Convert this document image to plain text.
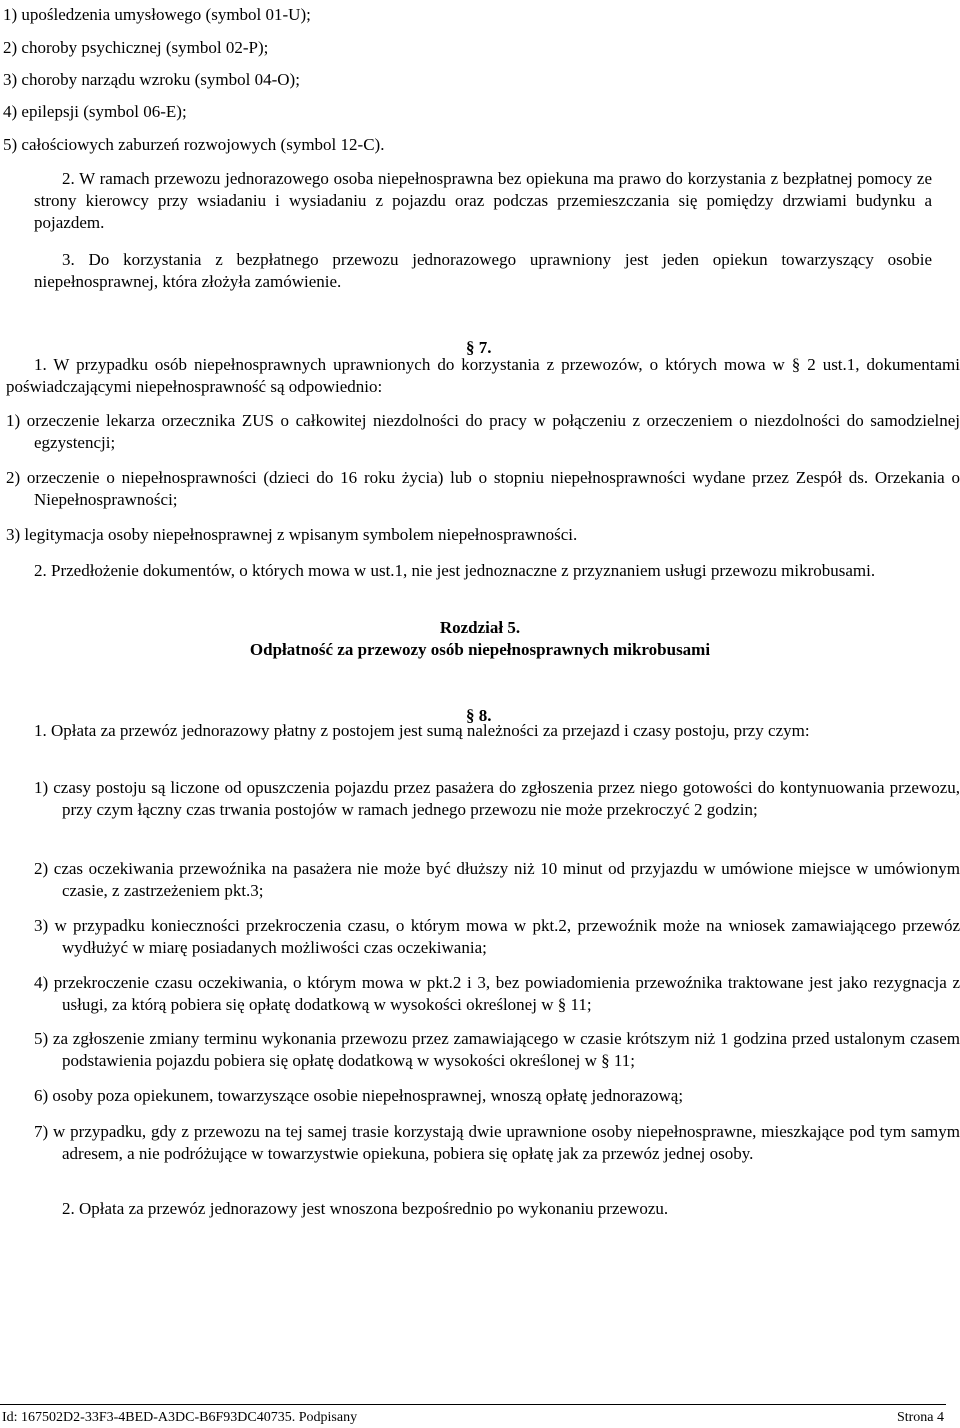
1) upośledzenia umysłowego (symbol 01-U);

2) choroby psychicznej (symbol 02-P);

3) choroby narządu wzroku (symbol 04-O);

4) epilepsji (symbol 06-E);

5) całościowych zaburzeń rozwojowych (symbol 12-C).

2. W ramach przewozu jednorazowego osoba niepełnosprawna bez opiekuna ma prawo do korzystania z bezpłatnej pomocy ze strony kierowcy przy wsiadaniu i wysiadaniu z pojazdu oraz podczas przemieszczania się pomiędzy drzwiami budynku a pojazdem.

3. Do korzystania z bezpłatnego przewozu jednorazowego uprawniony jest jeden opiekun towarzyszący osobie niepełnosprawnej, która złożyła zamówienie.

§ 7.

1. W przypadku osób niepełnosprawnych uprawnionych do korzystania z przewozów, o których mowa w § 2 ust.1, dokumentami poświadczającymi niepełnosprawność są odpowiednio:

1) orzeczenie lekarza orzecznika ZUS o całkowitej niezdolności do pracy w połączeniu z orzeczeniem o niezdolności do samodzielnej egzystencji;

2) orzeczenie o niepełnosprawności (dzieci do 16 roku życia) lub o stopniu niepełnosprawności wydane przez Zespół ds. Orzekania o Niepełnosprawności;

3) legitymacja osoby niepełnosprawnej z wpisanym symbolem niepełnosprawności.

2. Przedłożenie dokumentów, o których mowa w ust.1, nie jest jednoznaczne z przyznaniem usługi przewozu mikrobusami.

Rozdział 5.

Odpłatność za przewozy osób niepełnosprawnych mikrobusami

§ 8.

1. Opłata za przewóz jednorazowy płatny z postojem jest sumą należności za przejazd i czasy postoju, przy czym:

1) czasy postoju są liczone od opuszczenia pojazdu przez pasażera do zgłoszenia przez niego gotowości do kontynuowania przewozu, przy czym łączny czas trwania postojów w ramach jednego przewozu nie może przekroczyć 2 godzin;

2) czas oczekiwania przewoźnika na pasażera nie może być dłuższy niż 10 minut od przyjazdu w umówione miejsce w umówionym czasie, z zastrzeżeniem pkt.3;

3) w przypadku konieczności przekroczenia czasu, o którym mowa w pkt.2, przewoźnik może na wniosek zamawiającego przewóz wydłużyć w miarę posiadanych możliwości czas oczekiwania;

4) przekroczenie czasu oczekiwania, o którym mowa w pkt.2 i 3, bez powiadomienia przewoźnika traktowane jest jako rezygnacja z usługi, za którą pobiera się opłatę dodatkową w wysokości określonej w § 11;

5) za zgłoszenie zmiany terminu wykonania przewozu przez zamawiającego w czasie krótszym niż 1 godzina przed ustalonym czasem podstawienia pojazdu pobiera się opłatę dodatkową w wysokości określonej w § 11;

6) osoby poza opiekunem, towarzyszące osobie niepełnosprawnej, wnoszą opłatę jednorazową;

7) w przypadku, gdy z przewozu na tej samej trasie korzystają dwie uprawnione osoby niepełnosprawne, mieszkające pod tym samym adresem, a nie podróżujące w towarzystwie opiekuna, pobiera się opłatę jak za przewóz jednej osoby.

2. Opłata za przewóz jednorazowy jest wnoszona bezpośrednio po wykonaniu przewozu.

Id: 167502D2-33F3-4BED-A3DC-B6F93DC40735. Podpisany	Strona 4
